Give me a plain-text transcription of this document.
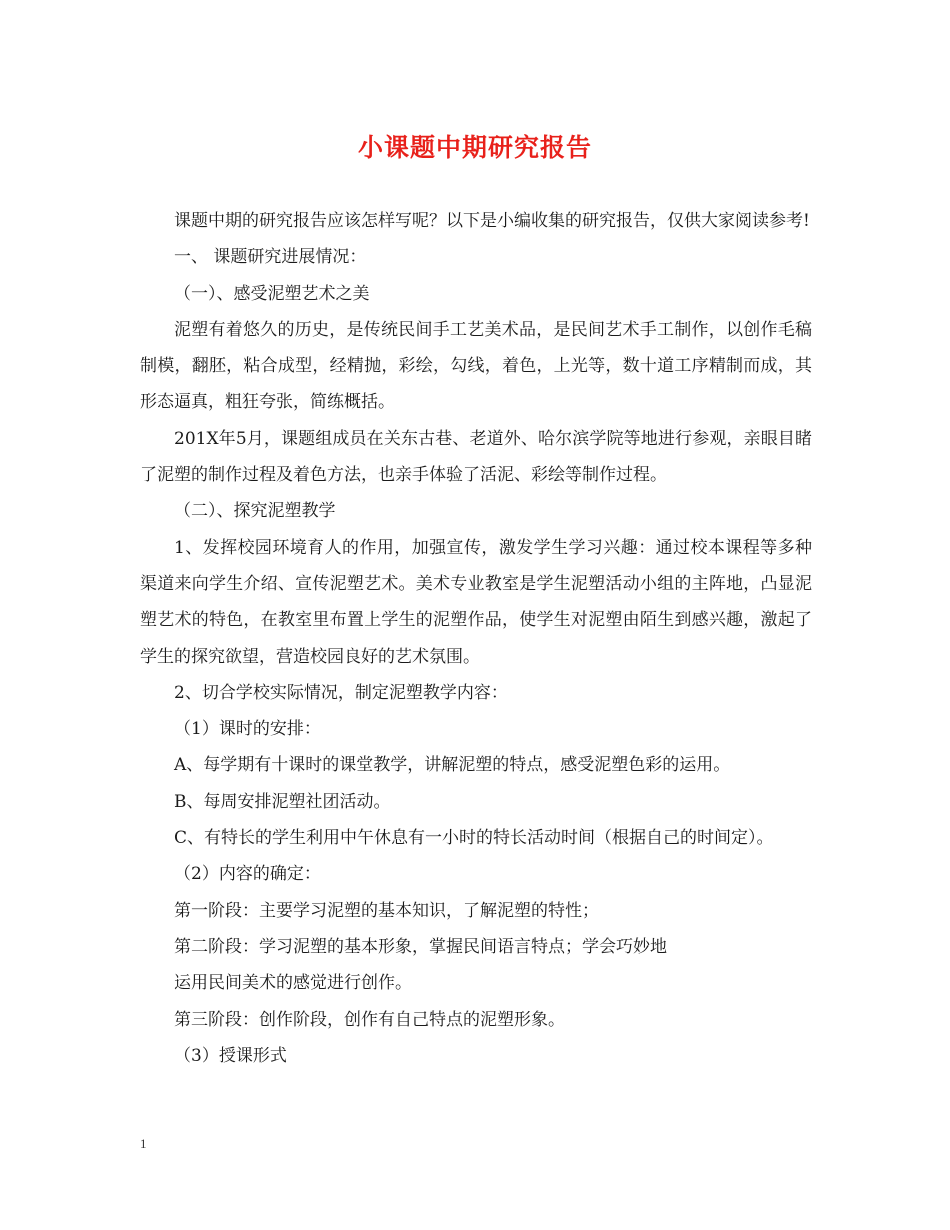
小课题中期研究报告

课题中期的研究报告应该怎样写呢？以下是小编收集的研究报告，仅供大家阅读参考!

一、 课题研究进展情况：

（一）、感受泥塑艺术之美

泥塑有着悠久的历史，是传统民间手工艺美术品，是民间艺术手工制作，以创作毛稿制模，翻胚，粘合成型，经精抛，彩绘，勾线，着色，上光等，数十道工序精制而成，其形态逼真，粗狂夸张，简练概括。

201X年5月，课题组成员在关东古巷、老道外、哈尔滨学院等地进行参观，亲眼目睹了泥塑的制作过程及着色方法，也亲手体验了活泥、彩绘等制作过程。

（二）、探究泥塑教学

1、发挥校园环境育人的作用，加强宣传，激发学生学习兴趣：通过校本课程等多种渠道来向学生介绍、宣传泥塑艺术。美术专业教室是学生泥塑活动小组的主阵地，凸显泥塑艺术的特色，在教室里布置上学生的泥塑作品，使学生对泥塑由陌生到感兴趣，激起了学生的探究欲望，营造校园良好的艺术氛围。

2、切合学校实际情况，制定泥塑教学内容：

（1）课时的安排：

A、每学期有十课时的课堂教学，讲解泥塑的特点，感受泥塑色彩的运用。

B、每周安排泥塑社团活动。

C、有特长的学生利用中午休息有一小时的特长活动时间（根据自己的时间定）。

（2）内容的确定：

第一阶段：主要学习泥塑的基本知识，了解泥塑的特性；

第二阶段：学习泥塑的基本形象，掌握民间语言特点；学会巧妙地

运用民间美术的感觉进行创作。

第三阶段：创作阶段，创作有自己特点的泥塑形象。

（3）授课形式

1
